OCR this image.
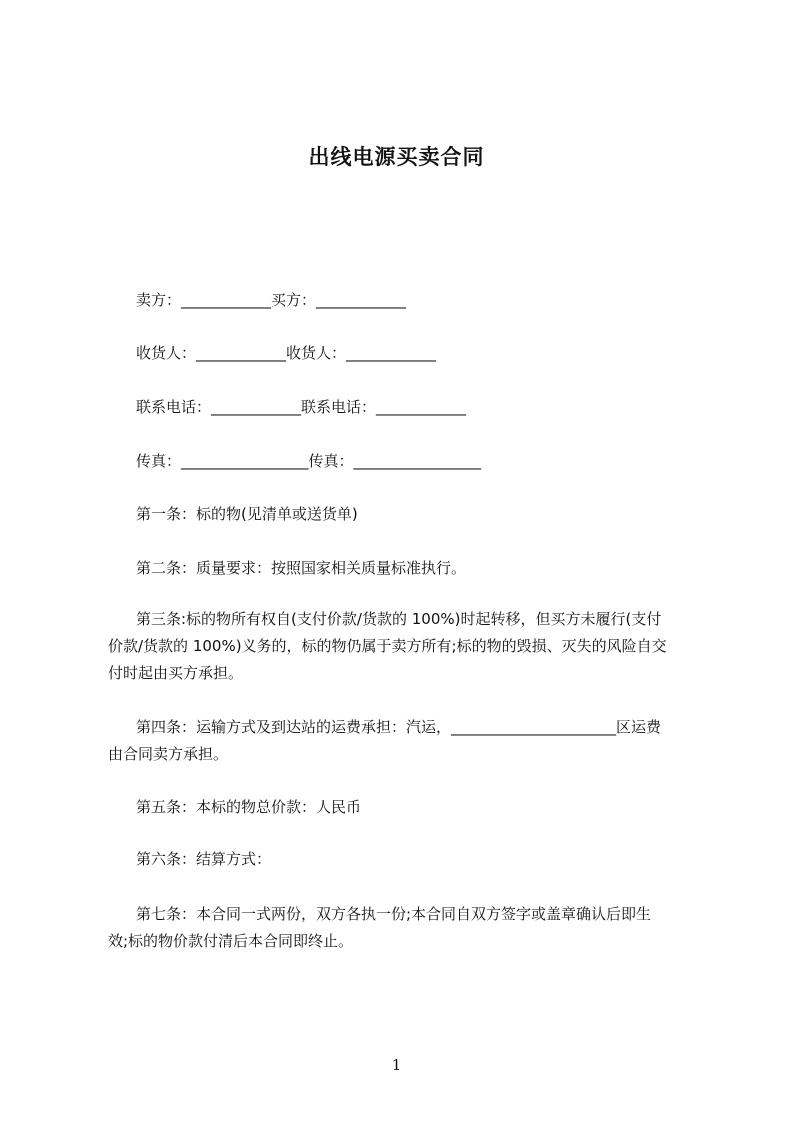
出线电源买卖合同
卖方：____________买方：____________
收货人：____________收货人：____________
联系电话：____________联系电话：____________
传真：_________________传真：_________________
第一条：标的物(见清单或送货单)
第二条：质量要求：按照国家相关质量标准执行。
第三条:标的物所有权自(支付价款/货款的 100%)时起转移，但买方未履行(支付
价款/货款的 100%)义务的，标的物仍属于卖方所有;标的物的毁损、灭失的风险自交
付时起由买方承担。
第四条：运输方式及到达站的运费承担：汽运，______________________区运费
由合同卖方承担。
第五条：本标的物总价款：人民币
第六条：结算方式：
第七条：本合同一式两份，双方各执一份;本合同自双方签字或盖章确认后即生
效;标的物价款付清后本合同即终止。
1
